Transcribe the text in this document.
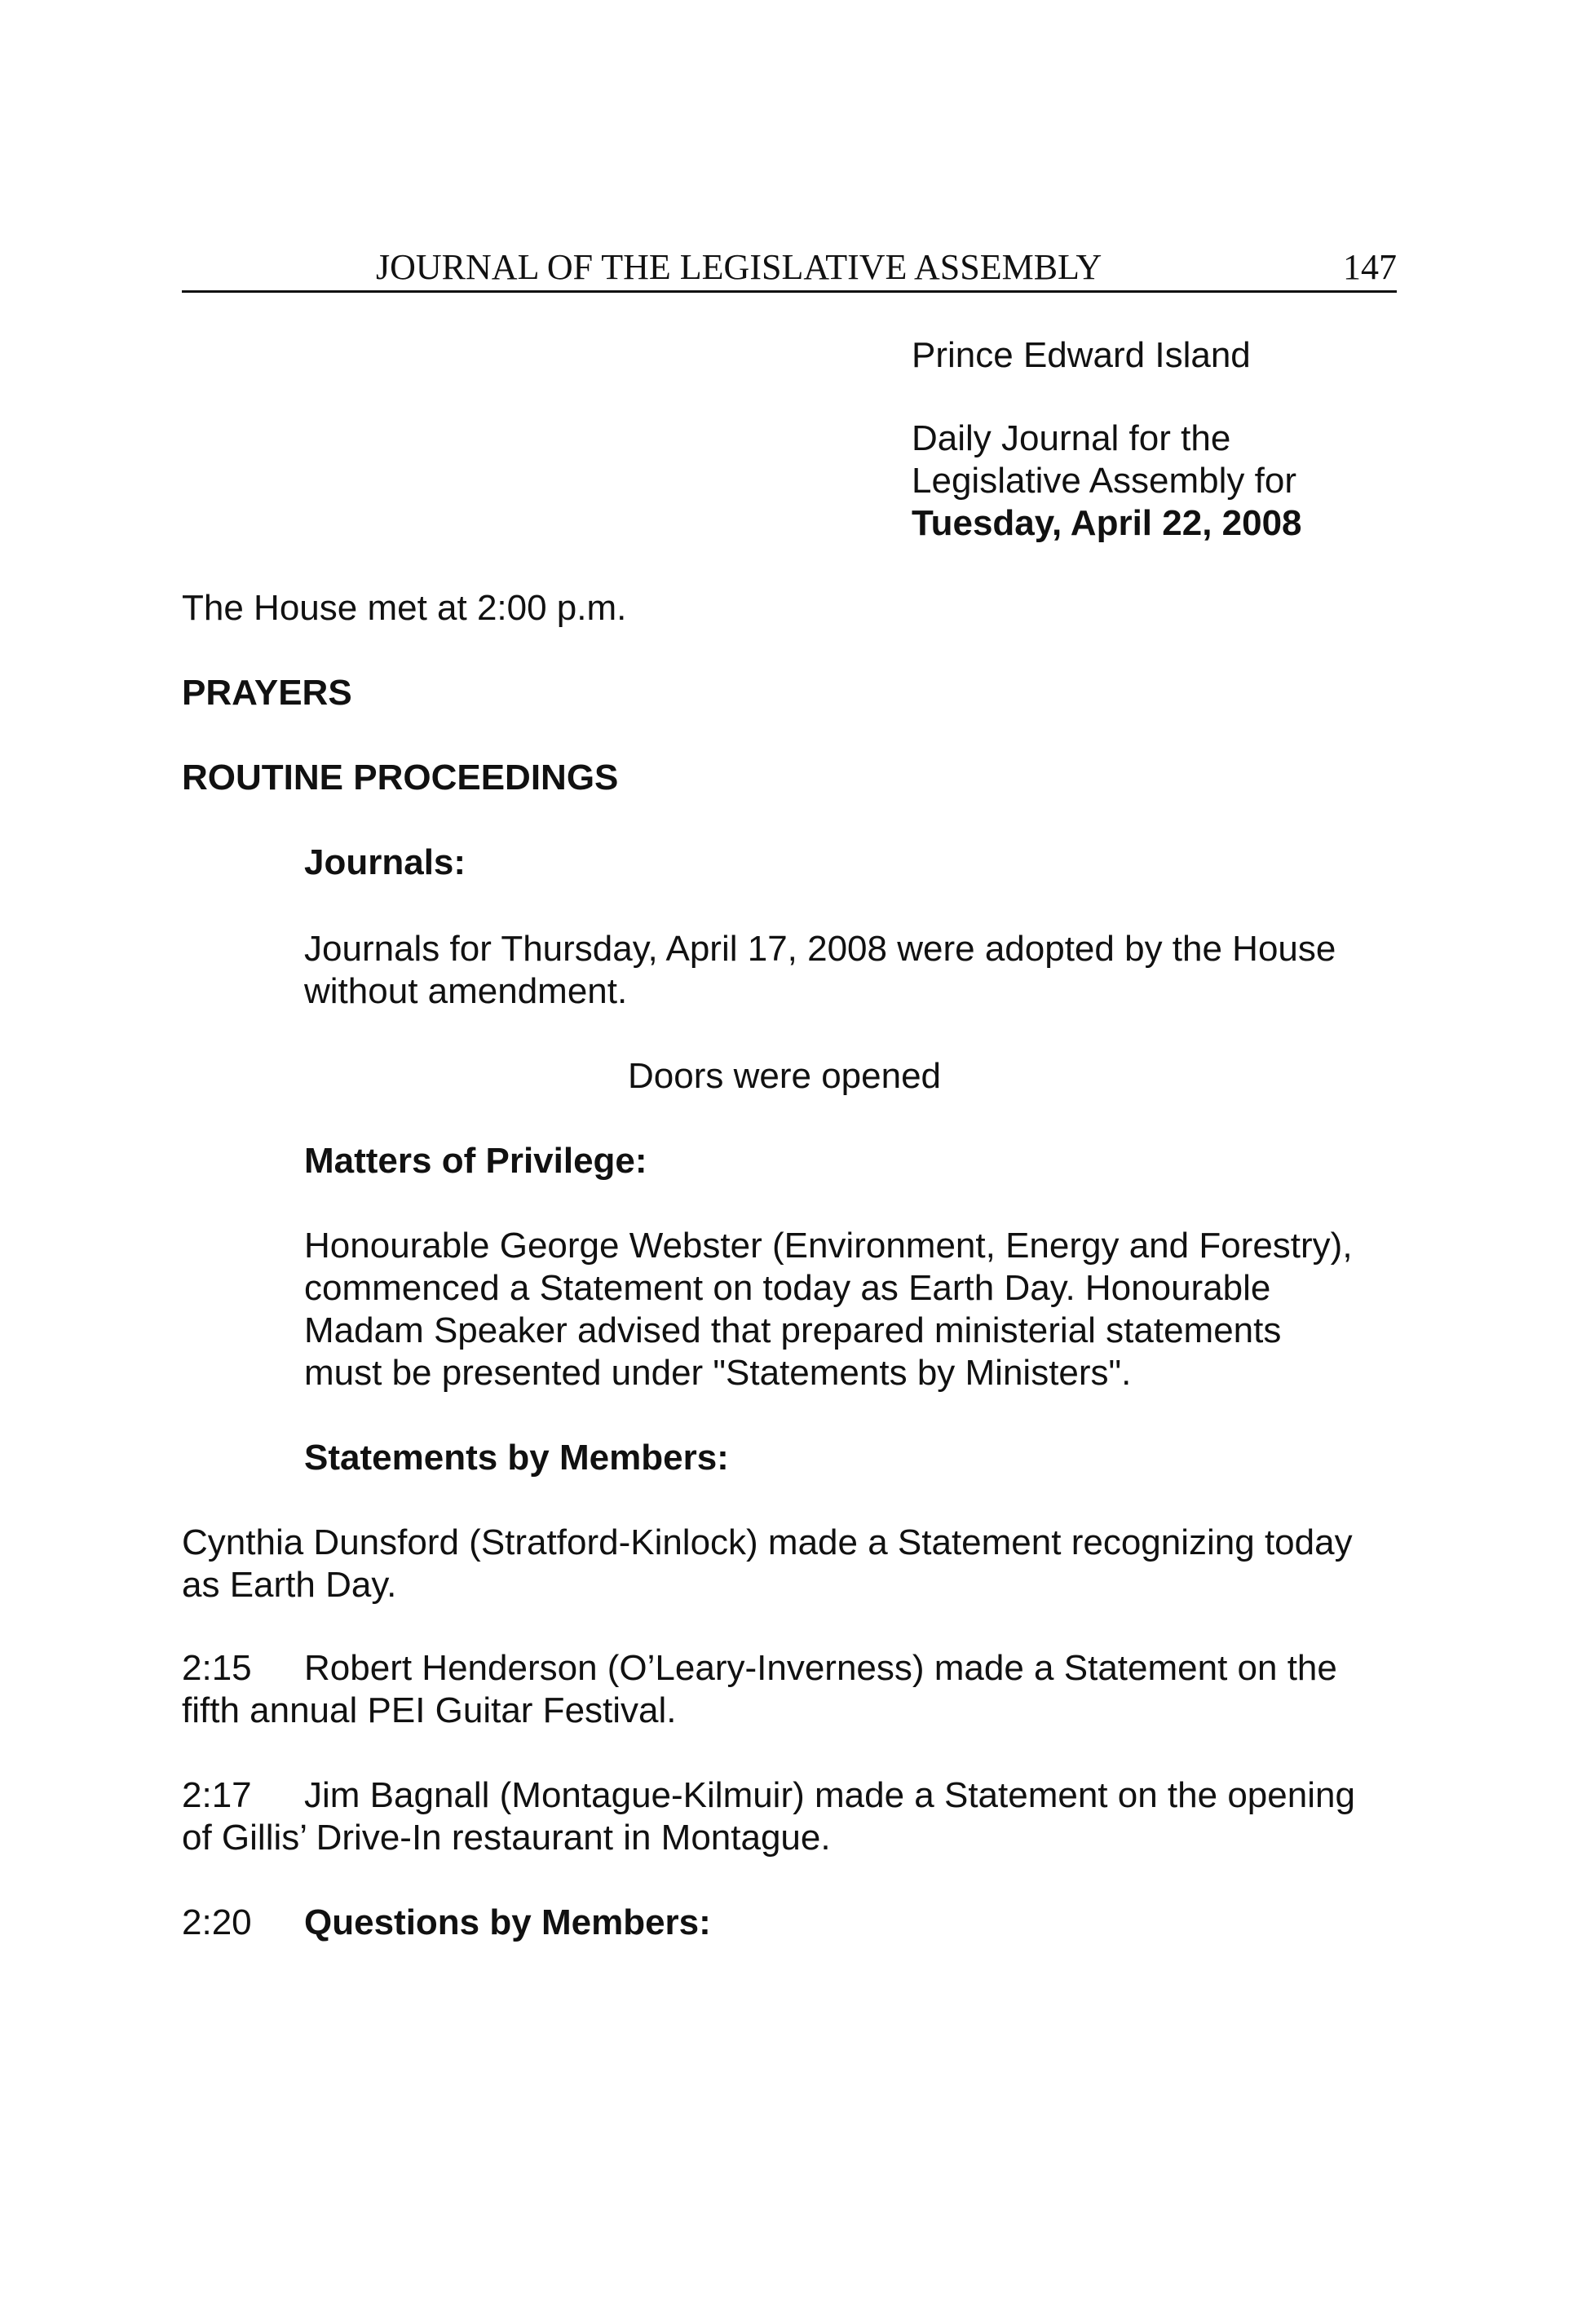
JOURNAL OF THE LEGISLATIVE ASSEMBLY	147
Prince Edward Island
Daily Journal for the
Legislative Assembly for
Tuesday, April 22, 2008
The House met at 2:00 p.m.
PRAYERS
ROUTINE PROCEEDINGS
Journals:
Journals for Thursday, April 17, 2008 were adopted by the House
without amendment.
Doors were opened
Matters of Privilege:
Honourable George Webster (Environment, Energy and Forestry),
commenced a Statement on today as Earth Day. Honourable
Madam Speaker advised that prepared ministerial statements
must be presented under "Statements by Ministers".
Statements by Members:
Cynthia Dunsford (Stratford-Kinlock) made a Statement recognizing today
as Earth Day.
2:15	Robert Henderson (O’Leary-Inverness) made a Statement on the
fifth annual PEI Guitar Festival.
2:17	Jim Bagnall (Montague-Kilmuir) made a Statement on the opening
of Gillis’ Drive-In restaurant in Montague.
2:20 Questions by Members:
